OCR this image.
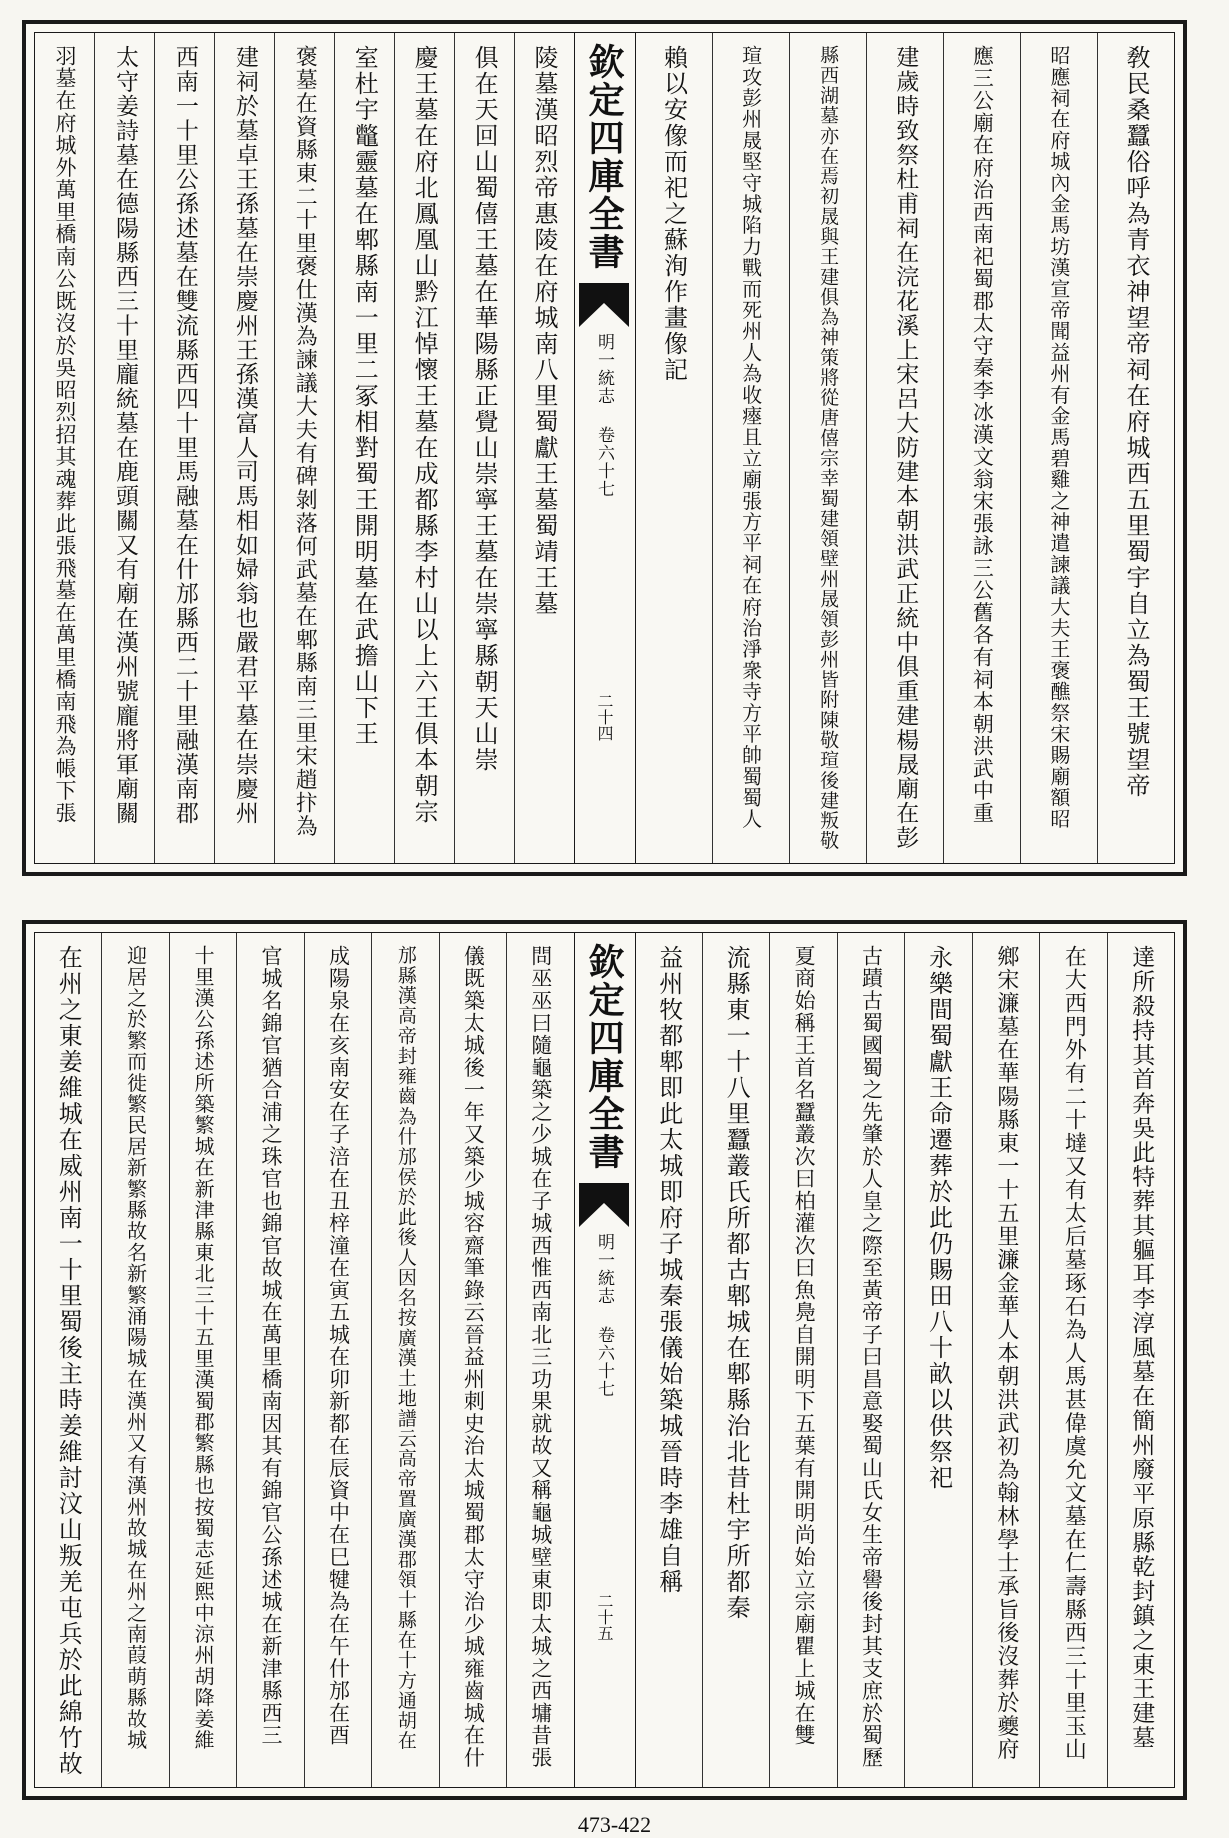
敎民桑蠶俗呼為青衣神望帝祠在府城西五里蜀宇自立為蜀王號望帝

昭應祠在府城內金馬坊漢宣帝聞益州有金馬碧雞之神遣諫議大夫王褒醮祭宋賜廟額昭

應三公廟在府治西南祀蜀郡太守秦李冰漢文翁宋張詠三公舊各有祠本朝洪武中重

建歲時致祭杜甫祠在浣花溪上宋呂大防建本朝洪武正統中俱重建楊晟廟在彭

縣西湖墓亦在焉初晟與王建俱為神策將從唐僖宗幸蜀建領壁州晟領彭州皆附陳敬瑄後建叛敬

瑄攻彭州晟堅守城陷力戰而死州人為收瘞且立廟張方平祠在府治淨衆寺方平帥蜀蜀人

賴以安像而祀之蘇洵作畫像記

欽定四庫全書
明一統志 卷六十七
二十四

陵墓漢昭烈帝惠陵在府城南八里蜀獻王墓蜀靖王墓

俱在天回山蜀僖王墓在華陽縣正覺山崇寧王墓在崇寧縣朝天山崇

慶王墓在府北鳳凰山黔江悼懷王墓在成都縣李村山以上六王俱本朝宗

室杜宇鼈靈墓在郫縣南一里二冢相對蜀王開明墓在武擔山下王

褒墓在資縣東二十里褒仕漢為諫議大夫有碑剝落何武墓在郫縣南三里宋趙抃為

建祠於墓卓王孫墓在崇慶州王孫漢富人司馬相如婦翁也嚴君平墓在崇慶州

西南一十里公孫述墓在雙流縣西四十里馬融墓在什邡縣西二十里融漢南郡

太守姜詩墓在德陽縣西三十里龐統墓在鹿頭關又有廟在漢州號龐將軍廟關

羽墓在府城外萬里橋南公既沒於吳昭烈招其魂葬此張飛墓在萬里橋南飛為帳下張

達所殺持其首奔吳此特葬其軀耳李淳風墓在簡州廢平原縣乾封鎮之東王建墓

在大西門外有二十墶又有太后墓琢石為人馬甚偉虞允文墓在仁壽縣西三十里玉山

鄉宋濂墓在華陽縣東一十五里濂金華人本朝洪武初為翰林學士承旨後沒葬於夔府

永樂間蜀獻王命遷葬於此仍賜田八十畝以供祭祀

古蹟古蜀國蜀之先肇於人皇之際至黃帝子曰昌意娶蜀山氏女生帝嚳後封其支庶於蜀歷

夏商始稱王首名蠶叢次曰柏灌次曰魚鳧自開明下五葉有開明尚始立宗廟瞿上城在雙

流縣東一十八里蠶叢氏所都古郫城在郫縣治北昔杜宇所都秦

益州牧都郫即此太城即府子城秦張儀始築城晉時李雄自稱

欽定四庫全書
明一統志 卷六十七
二十五

問巫巫曰隨龜築之少城在子城西惟西南北三功果就故又稱龜城壁東即太城之西墉昔張

儀既築太城後一年又築少城容齋筆錄云晉益州刺史治太城蜀郡太守治少城雍齒城在什

邡縣漢高帝封雍齒為什邡侯於此後人因名按廣漢土地譜云高帝置廣漢郡領十縣在十方通胡在

成陽泉在亥南安在子涪在丑梓潼在寅五城在卯新都在辰資中在巳犍為在午什邡在酉

官城名錦官猶合浦之珠官也錦官故城在萬里橋南因其有錦官公孫述城在新津縣西三

十里漢公孫述所築繁城在新津縣東北三十五里漢蜀郡繁縣也按蜀志延熙中涼州胡降姜維

迎居之於繁而徙繁民居新繁縣故名新繁涌陽城在漢州又有漢州故城在州之南葭萌縣故城

在州之東姜維城在威州南一十里蜀後主時姜維討汶山叛羌屯兵於此綿竹故

473-422
